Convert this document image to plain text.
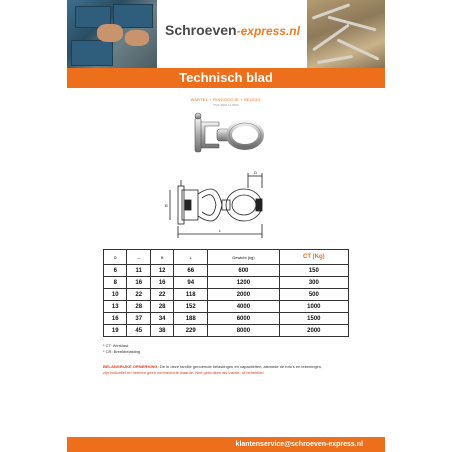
Schroeven-express.nl
Technisch blad
WARTEL + RINGOOGJE + BEUGEL
RVS 0000 12 0000
D
L
B
D	—	B	L	Gewicht (kg)	CT (Kg)
6	11	12	66	600	150
8	16	16	94	1200	300
10	22	22	118	2000	500
13	28	28	152	4000	1000
16	37	34	188	6000	1500
19	45	38	229	8000	2000
* CT: Werklast
* CR: Breekbelasting
BELANGRIJKE OPMERKING: De in deze familie genoemde belastingen en capaciteiten, alsmede de foto's en tekeningen,
zijn indicatief en hebben geen contractuele waarde. Niet gebruiken als tractie- of hefmiddel.
klantenservice@schroeven-express.nl
